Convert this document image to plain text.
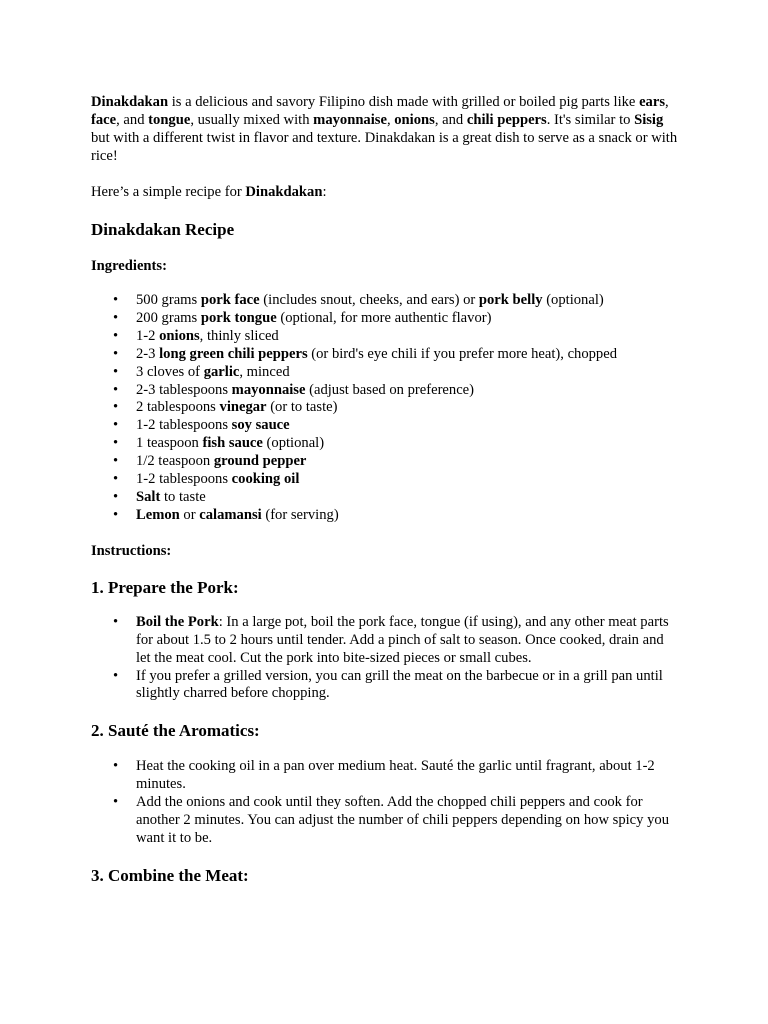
Dinakdakan is a delicious and savory Filipino dish made with grilled or boiled pig parts like ears, face, and tongue, usually mixed with mayonnaise, onions, and chili peppers. It's similar to Sisig but with a different twist in flavor and texture. Dinakdakan is a great dish to serve as a snack or with rice!

Here’s a simple recipe for Dinakdakan:

Dinakdakan Recipe

Ingredients:

• 500 grams pork face (includes snout, cheeks, and ears) or pork belly (optional)
• 200 grams pork tongue (optional, for more authentic flavor)
• 1-2 onions, thinly sliced
• 2-3 long green chili peppers (or bird's eye chili if you prefer more heat), chopped
• 3 cloves of garlic, minced
• 2-3 tablespoons mayonnaise (adjust based on preference)
• 2 tablespoons vinegar (or to taste)
• 1-2 tablespoons soy sauce
• 1 teaspoon fish sauce (optional)
• 1/2 teaspoon ground pepper
• 1-2 tablespoons cooking oil
• Salt to taste
• Lemon or calamansi (for serving)

Instructions:

1. Prepare the Pork:
• Boil the Pork: In a large pot, boil the pork face, tongue (if using), and any other meat parts for about 1.5 to 2 hours until tender. Add a pinch of salt to season. Once cooked, drain and let the meat cool. Cut the pork into bite-sized pieces or small cubes.
• If you prefer a grilled version, you can grill the meat on the barbecue or in a grill pan until slightly charred before chopping.
2. Sauté the Aromatics:
• Heat the cooking oil in a pan over medium heat. Sauté the garlic until fragrant, about 1-2 minutes.
• Add the onions and cook until they soften. Add the chopped chili peppers and cook for another 2 minutes. You can adjust the number of chili peppers depending on how spicy you want it to be.
3. Combine the Meat:
